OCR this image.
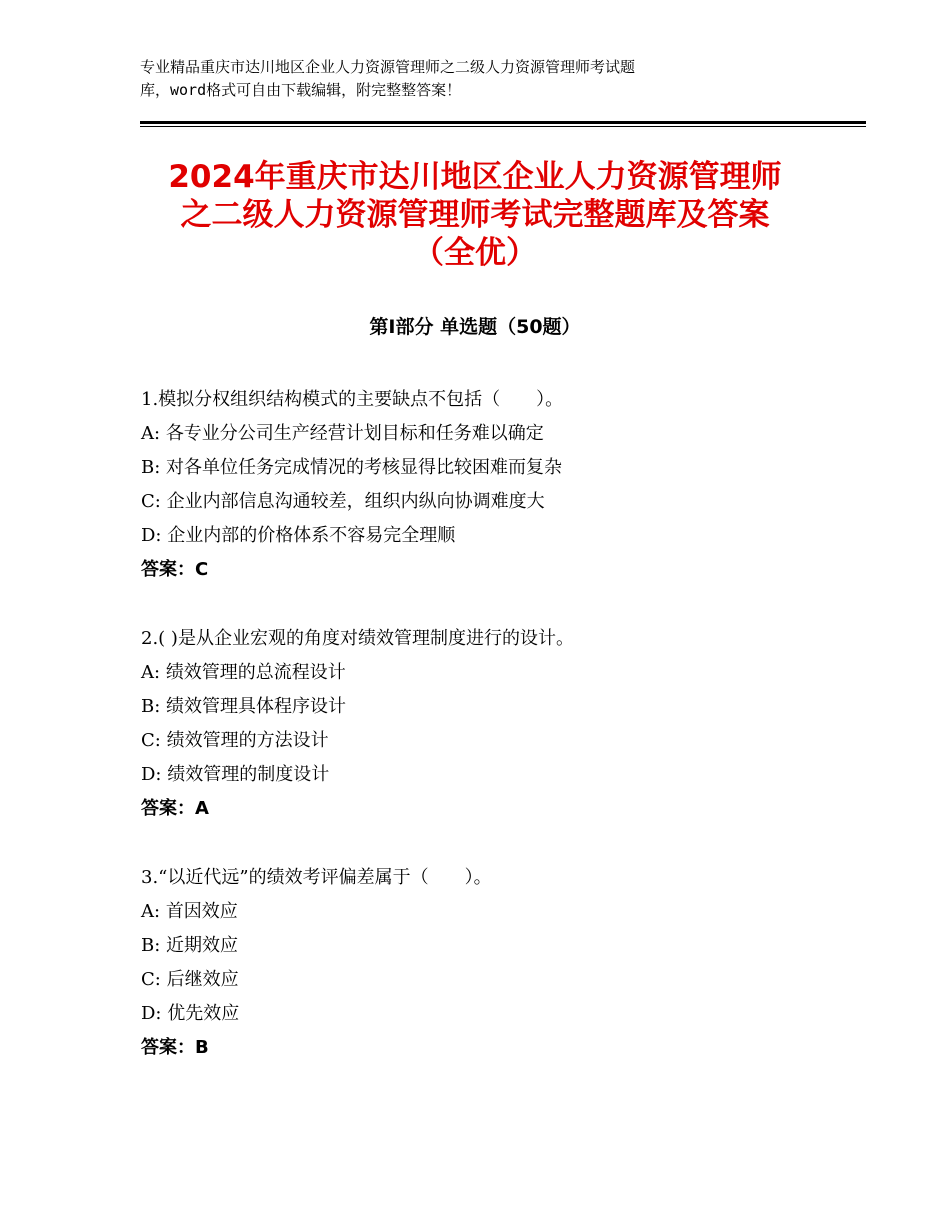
专业精品重庆市达川地区企业人力资源管理师之二级人力资源管理师考试题
库，word格式可自由下载编辑，附完整整答案！
2024年重庆市达川地区企业人力资源管理师
之二级人力资源管理师考试完整题库及答案
（全优）
第Ⅰ部分 单选题（50题）
1.模拟分权组织结构模式的主要缺点不包括（　　）。
A: 各专业分公司生产经营计划目标和任务难以确定
B: 对各单位任务完成情况的考核显得比较困难而复杂
C: 企业内部信息沟通较差，组织内纵向协调难度大
D: 企业内部的价格体系不容易完全理顺
答案：C
2.( )是从企业宏观的角度对绩效管理制度进行的设计。
A: 绩效管理的总流程设计
B: 绩效管理具体程序设计
C: 绩效管理的方法设计
D: 绩效管理的制度设计
答案：A
3.“以近代远”的绩效考评偏差属于（　　）。
A: 首因效应
B: 近期效应
C: 后继效应
D: 优先效应
答案：B
